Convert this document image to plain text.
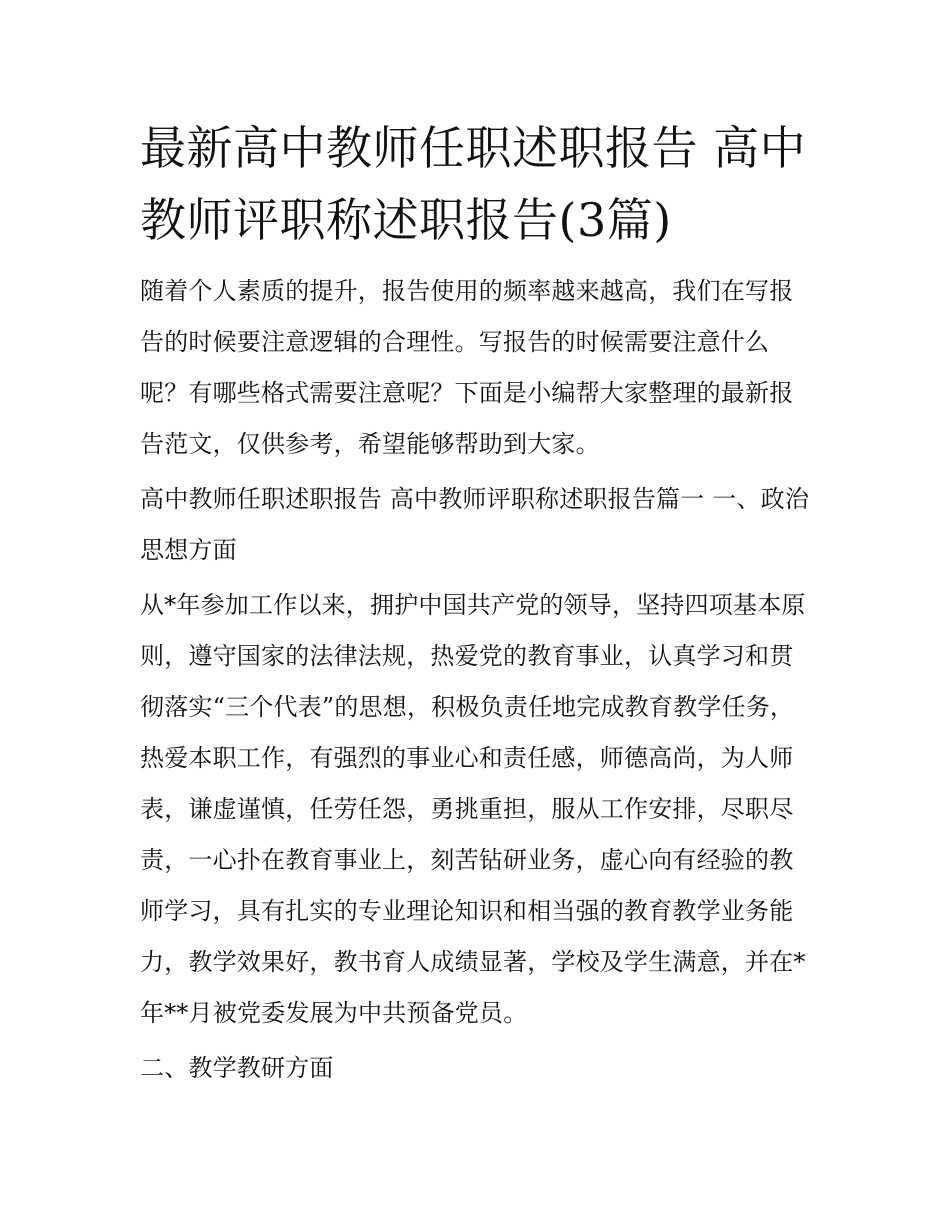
最新高中教师任职述职报告 高中教师评职称述职报告(3篇)

随着个人素质的提升，报告使用的频率越来越高，我们在写报告的时候要注意逻辑的合理性。写报告的时候需要注意什么呢？有哪些格式需要注意呢？下面是小编帮大家整理的最新报告范文，仅供参考，希望能够帮助到大家。

高中教师任职述职报告 高中教师评职称述职报告篇一 一、政治思想方面

从*年参加工作以来，拥护中国共产党的领导，坚持四项基本原则，遵守国家的法律法规，热爱党的教育事业，认真学习和贯彻落实“三个代表”的思想，积极负责任地完成教育教学任务，热爱本职工作，有强烈的事业心和责任感，师德高尚，为人师表，谦虚谨慎，任劳任怨，勇挑重担，服从工作安排，尽职尽责，一心扑在教育事业上，刻苦钻研业务，虚心向有经验的教师学习，具有扎实的专业理论知识和相当强的教育教学业务能力，教学效果好，教书育人成绩显著，学校及学生满意，并在*年**月被党委发展为中共预备党员。

二、教学教研方面
